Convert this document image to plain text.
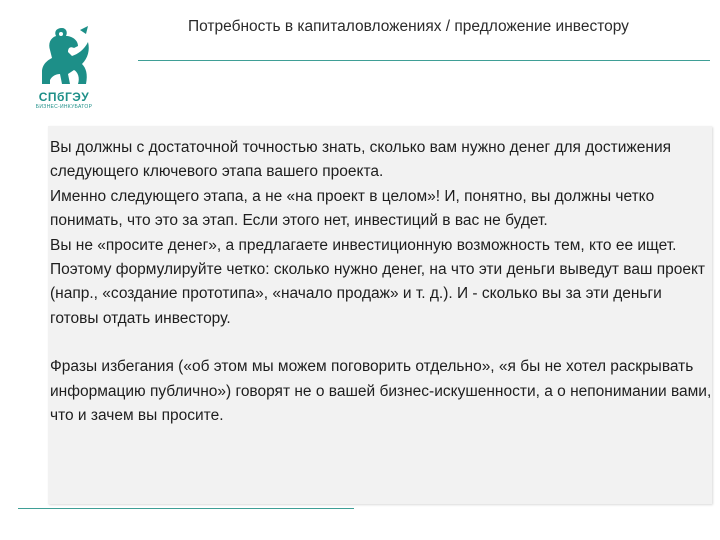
СПбГЭУ
БИЗНЕС-ИНКУБАТОР
Потребность в капиталовложениях / предложение инвестору

Вы должны с достаточной точностью знать, сколько вам нужно денег для достижения следующего ключевого этапа вашего проекта.

Именно следующего этапа, а не «на проект в целом»! И, понятно, вы должны четко понимать, что это за этап. Если этого нет, инвестиций в вас не будет.

Вы не «просите денег», а предлагаете инвестиционную возможность тем, кто ее ищет. Поэтому формулируйте четко: сколько нужно денег, на что эти деньги выведут ваш проект (напр., «создание прототипа», «начало продаж» и т. д.). И - сколько вы за эти деньги готовы отдать инвестору.

Фразы избегания («об этом мы можем поговорить отдельно», «я бы не хотел раскрывать информацию публично») говорят не о вашей бизнес-искушенности, а о непонимании вами, что и зачем вы просите.
